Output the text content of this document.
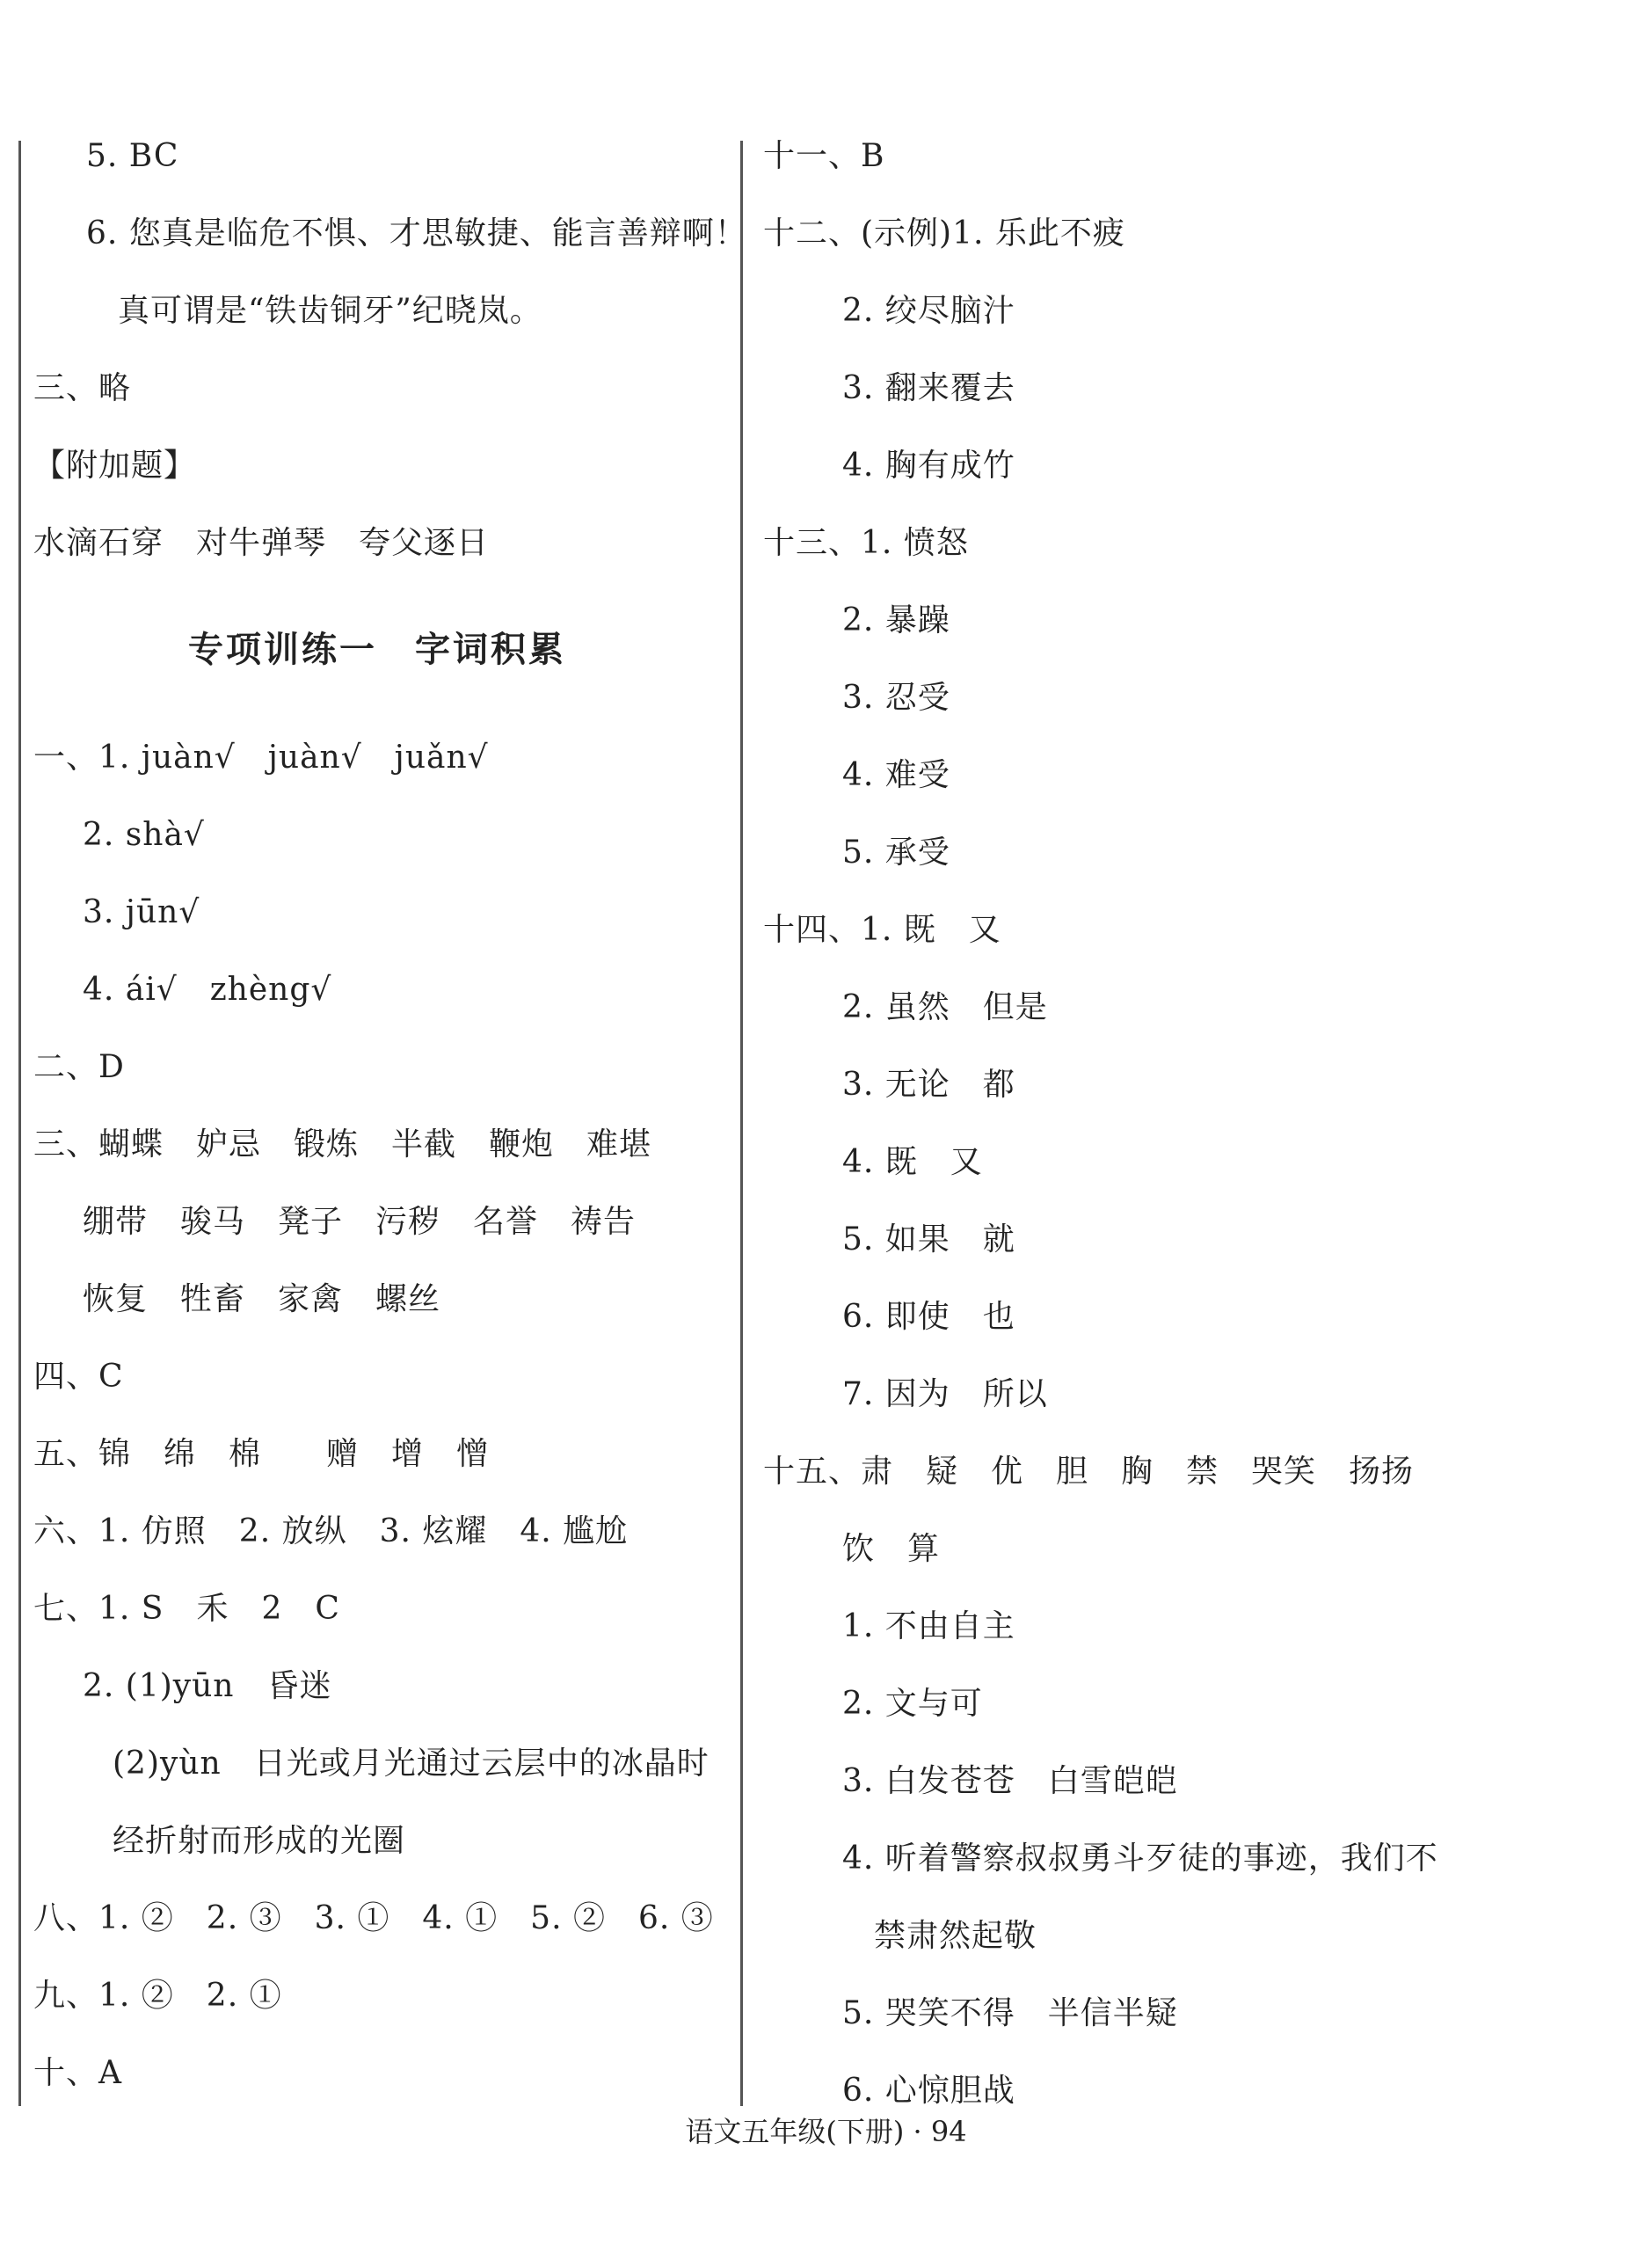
5. BC
6. 您真是临危不惧、才思敏捷、能言善辩啊！
真可谓是“铁齿铜牙”纪晓岚。
三、略
【附加题】
水滴石穿　对牛弹琴　夸父逐日
专项训练一　字词积累
一、1. juàn√　juàn√　juǎn√
2. shà√
3. jūn√
4. ái√　zhèng√
二、D
三、蝴蝶　妒忌　锻炼　半截　鞭炮　难堪
绷带　骏马　凳子　污秽　名誉　祷告
恢复　牲畜　家禽　螺丝
四、C
五、锦　绵　棉　　赠　增　憎
六、1. 仿照　2. 放纵　3. 炫耀　4. 尴尬
七、1. S　禾　2　C
2. (1)yūn　昏迷
(2)yùn　日光或月光通过云层中的冰晶时
经折射而形成的光圈
八、1. ②　2. ③　3. ①　4. ①　5. ②　6. ③
九、1. ②　2. ①
十、A
十一、B
十二、(示例)1. 乐此不疲
2. 绞尽脑汁
3. 翻来覆去
4. 胸有成竹
十三、1. 愤怒
2. 暴躁
3. 忍受
4. 难受
5. 承受
十四、1. 既　又
2. 虽然　但是
3. 无论　都
4. 既　又
5. 如果　就
6. 即使　也
7. 因为　所以
十五、肃　疑　优　胆　胸　禁　哭笑　扬扬
饮　算
1. 不由自主
2. 文与可
3. 白发苍苍　白雪皑皑
4. 听着警察叔叔勇斗歹徒的事迹，我们不
禁肃然起敬
5. 哭笑不得　半信半疑
6. 心惊胆战
语文五年级(下册) · 94
